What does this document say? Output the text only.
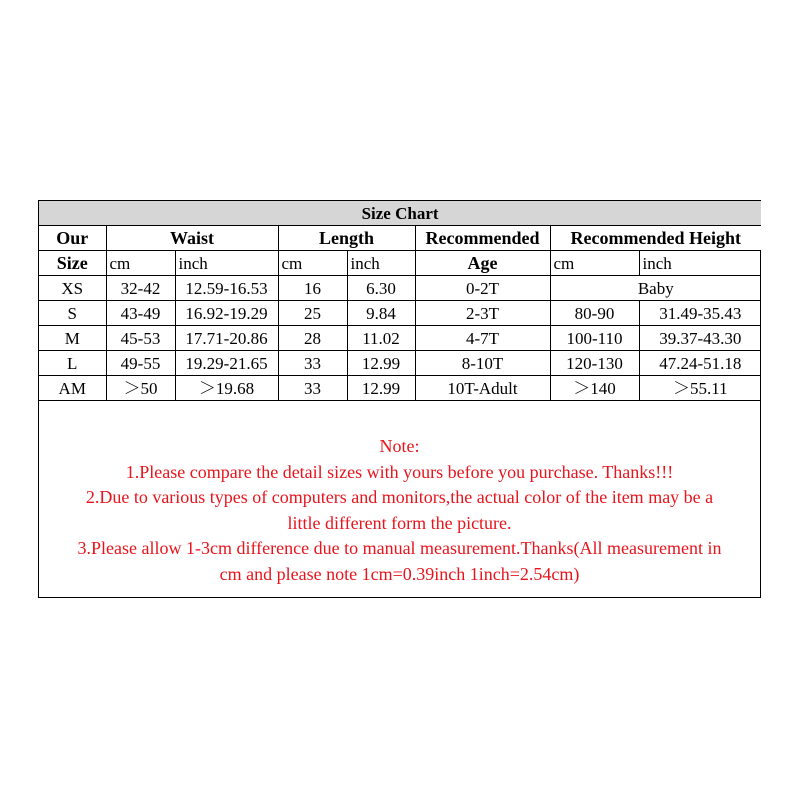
Size Chart							
Our	Waist		Length		Recommended	Recommended Height	
Size	cm	inch	cm	inch	Age	cm	inch
XS	32-42	12.59-16.53	16	6.30	0-2T	Baby	
S	43-49	16.92-19.29	25	9.84	2-3T	80-90	31.49-35.43
M	45-53	17.71-20.86	28	11.02	4-7T	100-110	39.37-43.30
L	49-55	19.29-21.65	33	12.99	8-10T	120-130	47.24-51.18
AM	＞50	＞19.68	33	12.99	10T-Adult	＞140	＞55.11
Note:
1.Please compare the detail sizes with yours before you purchase. Thanks!!!
2.Due to various types of computers and monitors,the actual color of the item may be a
little different form the picture.
3.Please allow 1-3cm difference due to manual measurement.Thanks(All measurement in
cm and please note 1cm=0.39inch 1inch=2.54cm)
